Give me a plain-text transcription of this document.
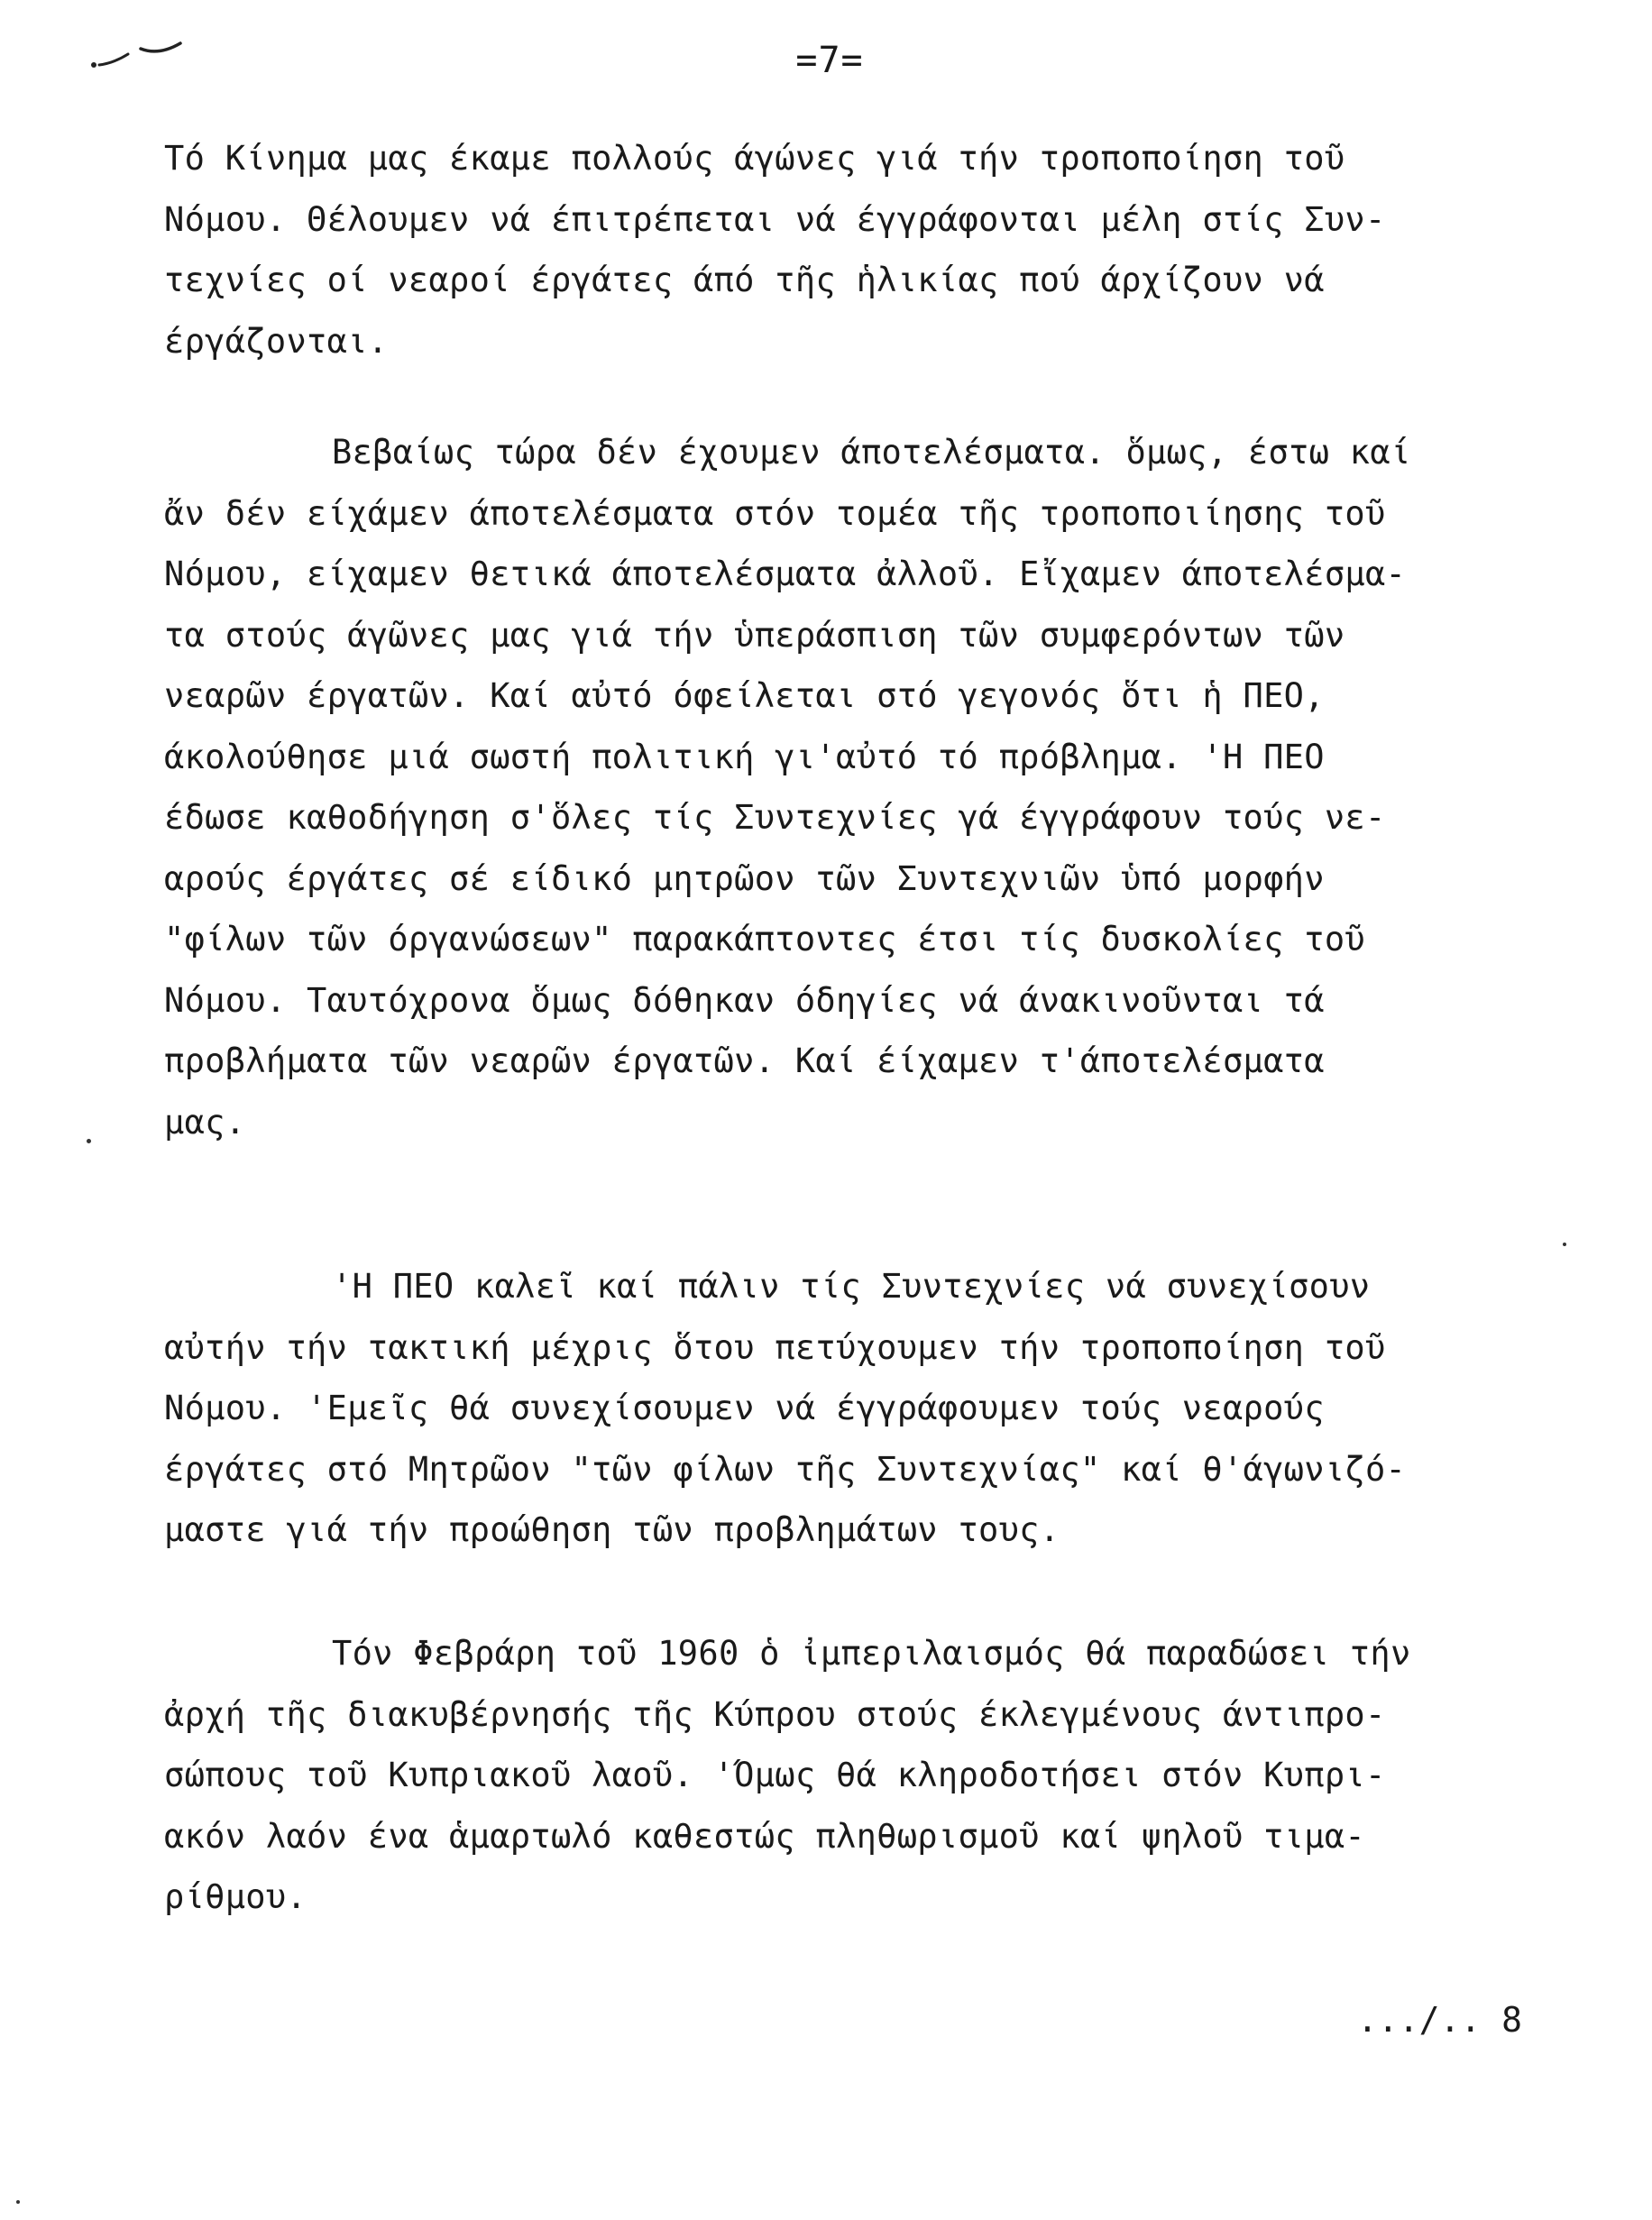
=7=
Τό Κίνημα μας έκαμε πολλούς άγώνες γιά τήν τροποποίηση τοῦ
Νόμου. Θέλουμεν νά έπιτρέπεται νά έγγράφονται μέλη στίς Συν-
τεχνίες οί νεαροί έργάτες άπό τῆς ἡλικίας πού άρχίζουν νά
έργάζονται.
Βεβαίως τώρα δέν έχουμεν άποτελέσματα. ὅμως, έστω καί
ἄν δέν είχάμεν άποτελέσματα στόν τομέα τῆς τροποποιίησης τοῦ
Νόμου, είχαμεν θετικά άποτελέσματα ἀλλοῦ. Εἴχαμεν άποτελέσμα-
τα στούς άγῶνες μας γιά τήν ὑπεράσπιση τῶν συμφερόντων τῶν
νεαρῶν έργατῶν. Καί αὐτό όφείλεται στό γεγονός ὅτι ἡ ΠΕΟ,
άκολούθησε μιά σωστή πολιτική γι'αὐτό τό πρόβλημα. 'Η ΠΕΟ
έδωσε καθοδήγηση σ'ὅλες τίς Συντεχνίες γά έγγράφουν τούς νε-
αρούς έργάτες σέ είδικό μητρῶον τῶν Συντεχνιῶν ὑπό μορφήν
"φίλων τῶν όργανώσεων" παρακάπτοντες έτσι τίς δυσκολίες τοῦ
Νόμου. Ταυτόχρονα ὅμως δόθηκαν όδηγίες νά άνακινοῦνται τά
προβλήματα τῶν νεαρῶν έργατῶν. Καί έίχαμεν τ'άποτελέσματα
μας.
'Η ΠΕΟ καλεῖ καί πάλιν τίς Συντεχνίες νά συνεχίσουν
αὐτήν τήν τακτική μέχρις ὅτου πετύχουμεν τήν τροποποίηση τοῦ
Νόμου. 'Εμεῖς θά συνεχίσουμεν νά έγγράφουμεν τούς νεαρούς
έργάτες στό Μητρῶον "τῶν φίλων τῆς Συντεχνίας" καί θ'άγωνιζό-
μαστε γιά τήν προώθηση τῶν προβλημάτων τους.
Τόν Φεβράρη τοῦ 1960 ὁ ἰμπεριλαισμός θά παραδώσει τήν
ἀρχή τῆς διακυβέρνησής τῆς Κύπρου στούς έκλεγμένους άντιπρο-
σώπους τοῦ Κυπριακοῦ λαοῦ. 'Όμως θά κληροδοτήσει στόν Κυπρι-
ακόν λαόν ένα ἁμαρτωλό καθεστώς πληθωρισμοῦ καί ψηλοῦ τιμα-
ρίθμου.
.../.. 8
